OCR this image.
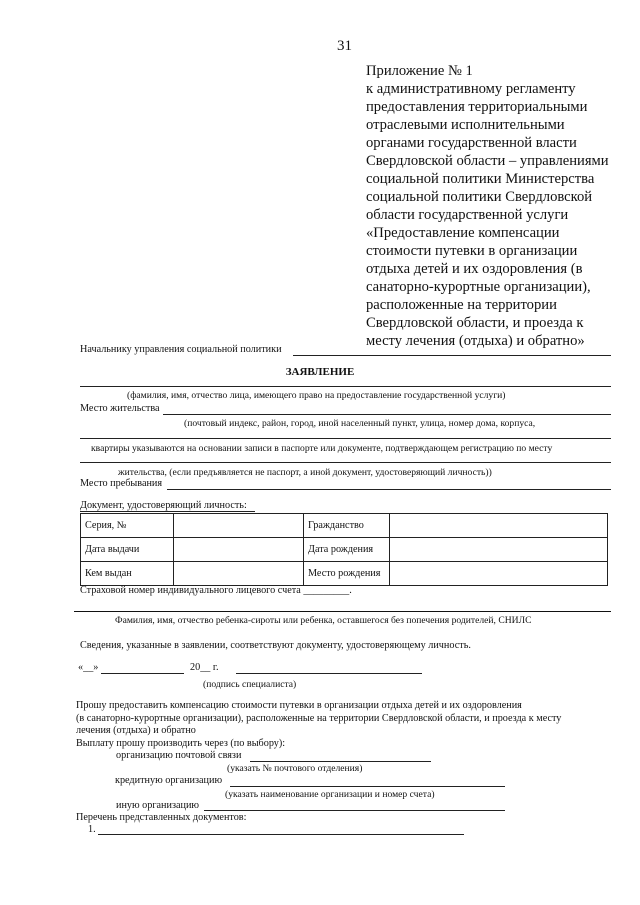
31
Приложение № 1
к административному регламенту
предоставления территориальными
отраслевыми исполнительными
органами государственной власти
Свердловской области – управлениями
социальной политики Министерства
социальной политики Свердловской
области государственной услуги
«Предоставление компенсации
стоимости путевки в организации
отдыха детей и их оздоровления (в
санаторно-курортные организации),
расположенные на территории
Свердловской области, и проезда к
месту лечения (отдыха) и обратно»
Начальнику управления социальной политики
ЗАЯВЛЕНИЕ
(фамилия, имя, отчество лица, имеющего право на предоставление государственной услуги)
Место жительства
(почтовый индекс, район, город, иной населенный пункт, улица, номер дома, корпуса,
квартиры указываются на основании записи в паспорте или документе, подтверждающем регистрацию по месту
жительства, (если предъявляется не паспорт, а иной документ, удостоверяющий личность))
Место пребывания
Документ, удостоверяющий личность:
Серия, №		Гражданство	
Дата выдачи		Дата рождения	
Кем выдан		Место рождения	
Страховой номер индивидуального лицевого счета _________.
Фамилия, имя, отчество ребенка-сироты или ребенка, оставшегося без попечения родителей, СНИЛС
Сведения, указанные в заявлении, соответствуют документу, удостоверяющему личность.
«__»	20__ г.
(подпись специалиста)
Прошу предоставить компенсацию стоимости путевки в организации отдыха детей и их оздоровления
(в санаторно-курортные организации), расположенные на территории Свердловской области, и проезда к месту
лечения (отдыха) и обратно
Выплату прошу производить через (по выбору):
организацию почтовой связи
(указать № почтового отделения)
кредитную организацию
(указать наименование организации и номер счета)
иную организацию
Перечень представленных документов:
1.
